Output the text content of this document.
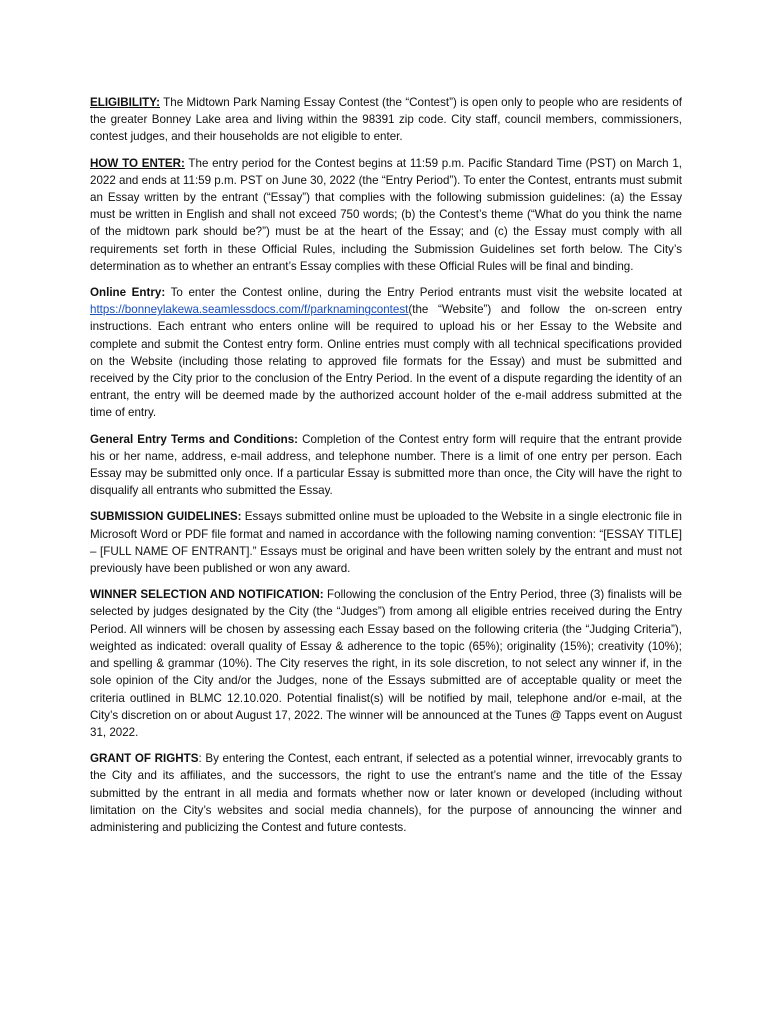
ELIGIBILITY: The Midtown Park Naming Essay Contest (the “Contest”) is open only to people who are residents of the greater Bonney Lake area and living within the 98391 zip code. City staff, council members, commissioners, contest judges, and their households are not eligible to enter.

HOW TO ENTER: The entry period for the Contest begins at 11:59 p.m. Pacific Standard Time (PST) on March 1, 2022 and ends at 11:59 p.m. PST on June 30, 2022 (the “Entry Period”). To enter the Contest, entrants must submit an Essay written by the entrant (“Essay”) that complies with the following submission guidelines: (a) the Essay must be written in English and shall not exceed 750 words; (b) the Contest’s theme (“What do you think the name of the midtown park should be?”) must be at the heart of the Essay; and (c) the Essay must comply with all requirements set forth in these Official Rules, including the Submission Guidelines set forth below. The City’s determination as to whether an entrant’s Essay complies with these Official Rules will be final and binding.

Online Entry: To enter the Contest online, during the Entry Period entrants must visit the website located at https://bonneylakewa.seamlessdocs.com/f/parknamingcontest(the “Website”) and follow the on-screen entry instructions. Each entrant who enters online will be required to upload his or her Essay to the Website and complete and submit the Contest entry form. Online entries must comply with all technical specifications provided on the Website (including those relating to approved file formats for the Essay) and must be submitted and received by the City prior to the conclusion of the Entry Period. In the event of a dispute regarding the identity of an entrant, the entry will be deemed made by the authorized account holder of the e-mail address submitted at the time of entry.

General Entry Terms and Conditions: Completion of the Contest entry form will require that the entrant provide his or her name, address, e-mail address, and telephone number. There is a limit of one entry per person. Each Essay may be submitted only once. If a particular Essay is submitted more than once, the City will have the right to disqualify all entrants who submitted the Essay.

SUBMISSION GUIDELINES: Essays submitted online must be uploaded to the Website in a single electronic file in Microsoft Word or PDF file format and named in accordance with the following naming convention: “[ESSAY TITLE] – [FULL NAME OF ENTRANT].” Essays must be original and have been written solely by the entrant and must not previously have been published or won any award.

WINNER SELECTION AND NOTIFICATION: Following the conclusion of the Entry Period, three (3) finalists will be selected by judges designated by the City (the “Judges”) from among all eligible entries received during the Entry Period. All winners will be chosen by assessing each Essay based on the following criteria (the “Judging Criteria”), weighted as indicated: overall quality of Essay & adherence to the topic (65%); originality (15%); creativity (10%); and spelling & grammar (10%). The City reserves the right, in its sole discretion, to not select any winner if, in the sole opinion of the City and/or the Judges, none of the Essays submitted are of acceptable quality or meet the criteria outlined in BLMC 12.10.020. Potential finalist(s) will be notified by mail, telephone and/or e-mail, at the City’s discretion on or about August 17, 2022. The winner will be announced at the Tunes @ Tapps event on August 31, 2022.

GRANT OF RIGHTS: By entering the Contest, each entrant, if selected as a potential winner, irrevocably grants to the City and its affiliates, and the successors, the right to use the entrant’s name and the title of the Essay submitted by the entrant in all media and formats whether now or later known or developed (including without limitation on the City’s websites and social media channels), for the purpose of announcing the winner and administering and publicizing the Contest and future contests.
